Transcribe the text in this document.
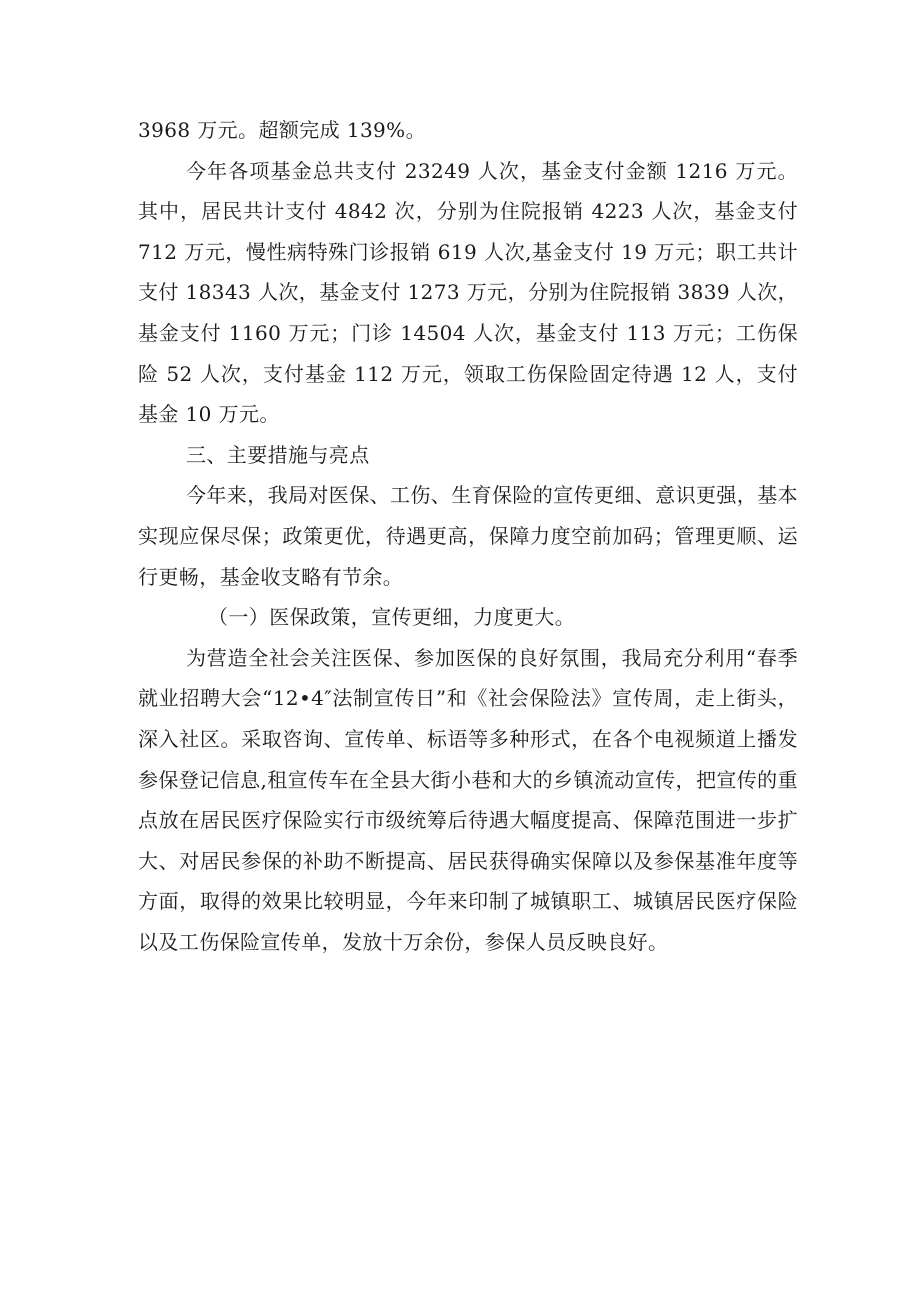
3968 万元。超额完成 139%。

今年各项基金总共支付 23249 人次，基金支付金额 1216 万元。其中，居民共计支付 4842 次，分别为住院报销 4223 人次，基金支付 712 万元，慢性病特殊门诊报销 619 人次,基金支付 19 万元；职工共计支付 18343 人次，基金支付 1273 万元，分别为住院报销 3839 人次，基金支付 1160 万元；门诊 14504 人次，基金支付 113 万元；工伤保险 52 人次，支付基金 112 万元，领取工伤保险固定待遇 12 人，支付基金 10 万元。

三、主要措施与亮点

今年来，我局对医保、工伤、生育保险的宣传更细、意识更强，基本实现应保尽保；政策更优，待遇更高，保障力度空前加码；管理更顺、运行更畅，基金收支略有节余。

（一）医保政策，宣传更细，力度更大。

为营造全社会关注医保、参加医保的良好氛围，我局充分利用“春季就业招聘大会“12•4″法制宣传日”和《社会保险法》宣传周，走上街头，深入社区。采取咨询、宣传单、标语等多种形式，在各个电视频道上播发参保登记信息,租宣传车在全县大街小巷和大的乡镇流动宣传，把宣传的重点放在居民医疗保险实行市级统筹后待遇大幅度提高、保障范围进一步扩大、对居民参保的补助不断提高、居民获得确实保障以及参保基准年度等方面，取得的效果比较明显，今年来印制了城镇职工、城镇居民医疗保险以及工伤保险宣传单，发放十万余份，参保人员反映良好。
